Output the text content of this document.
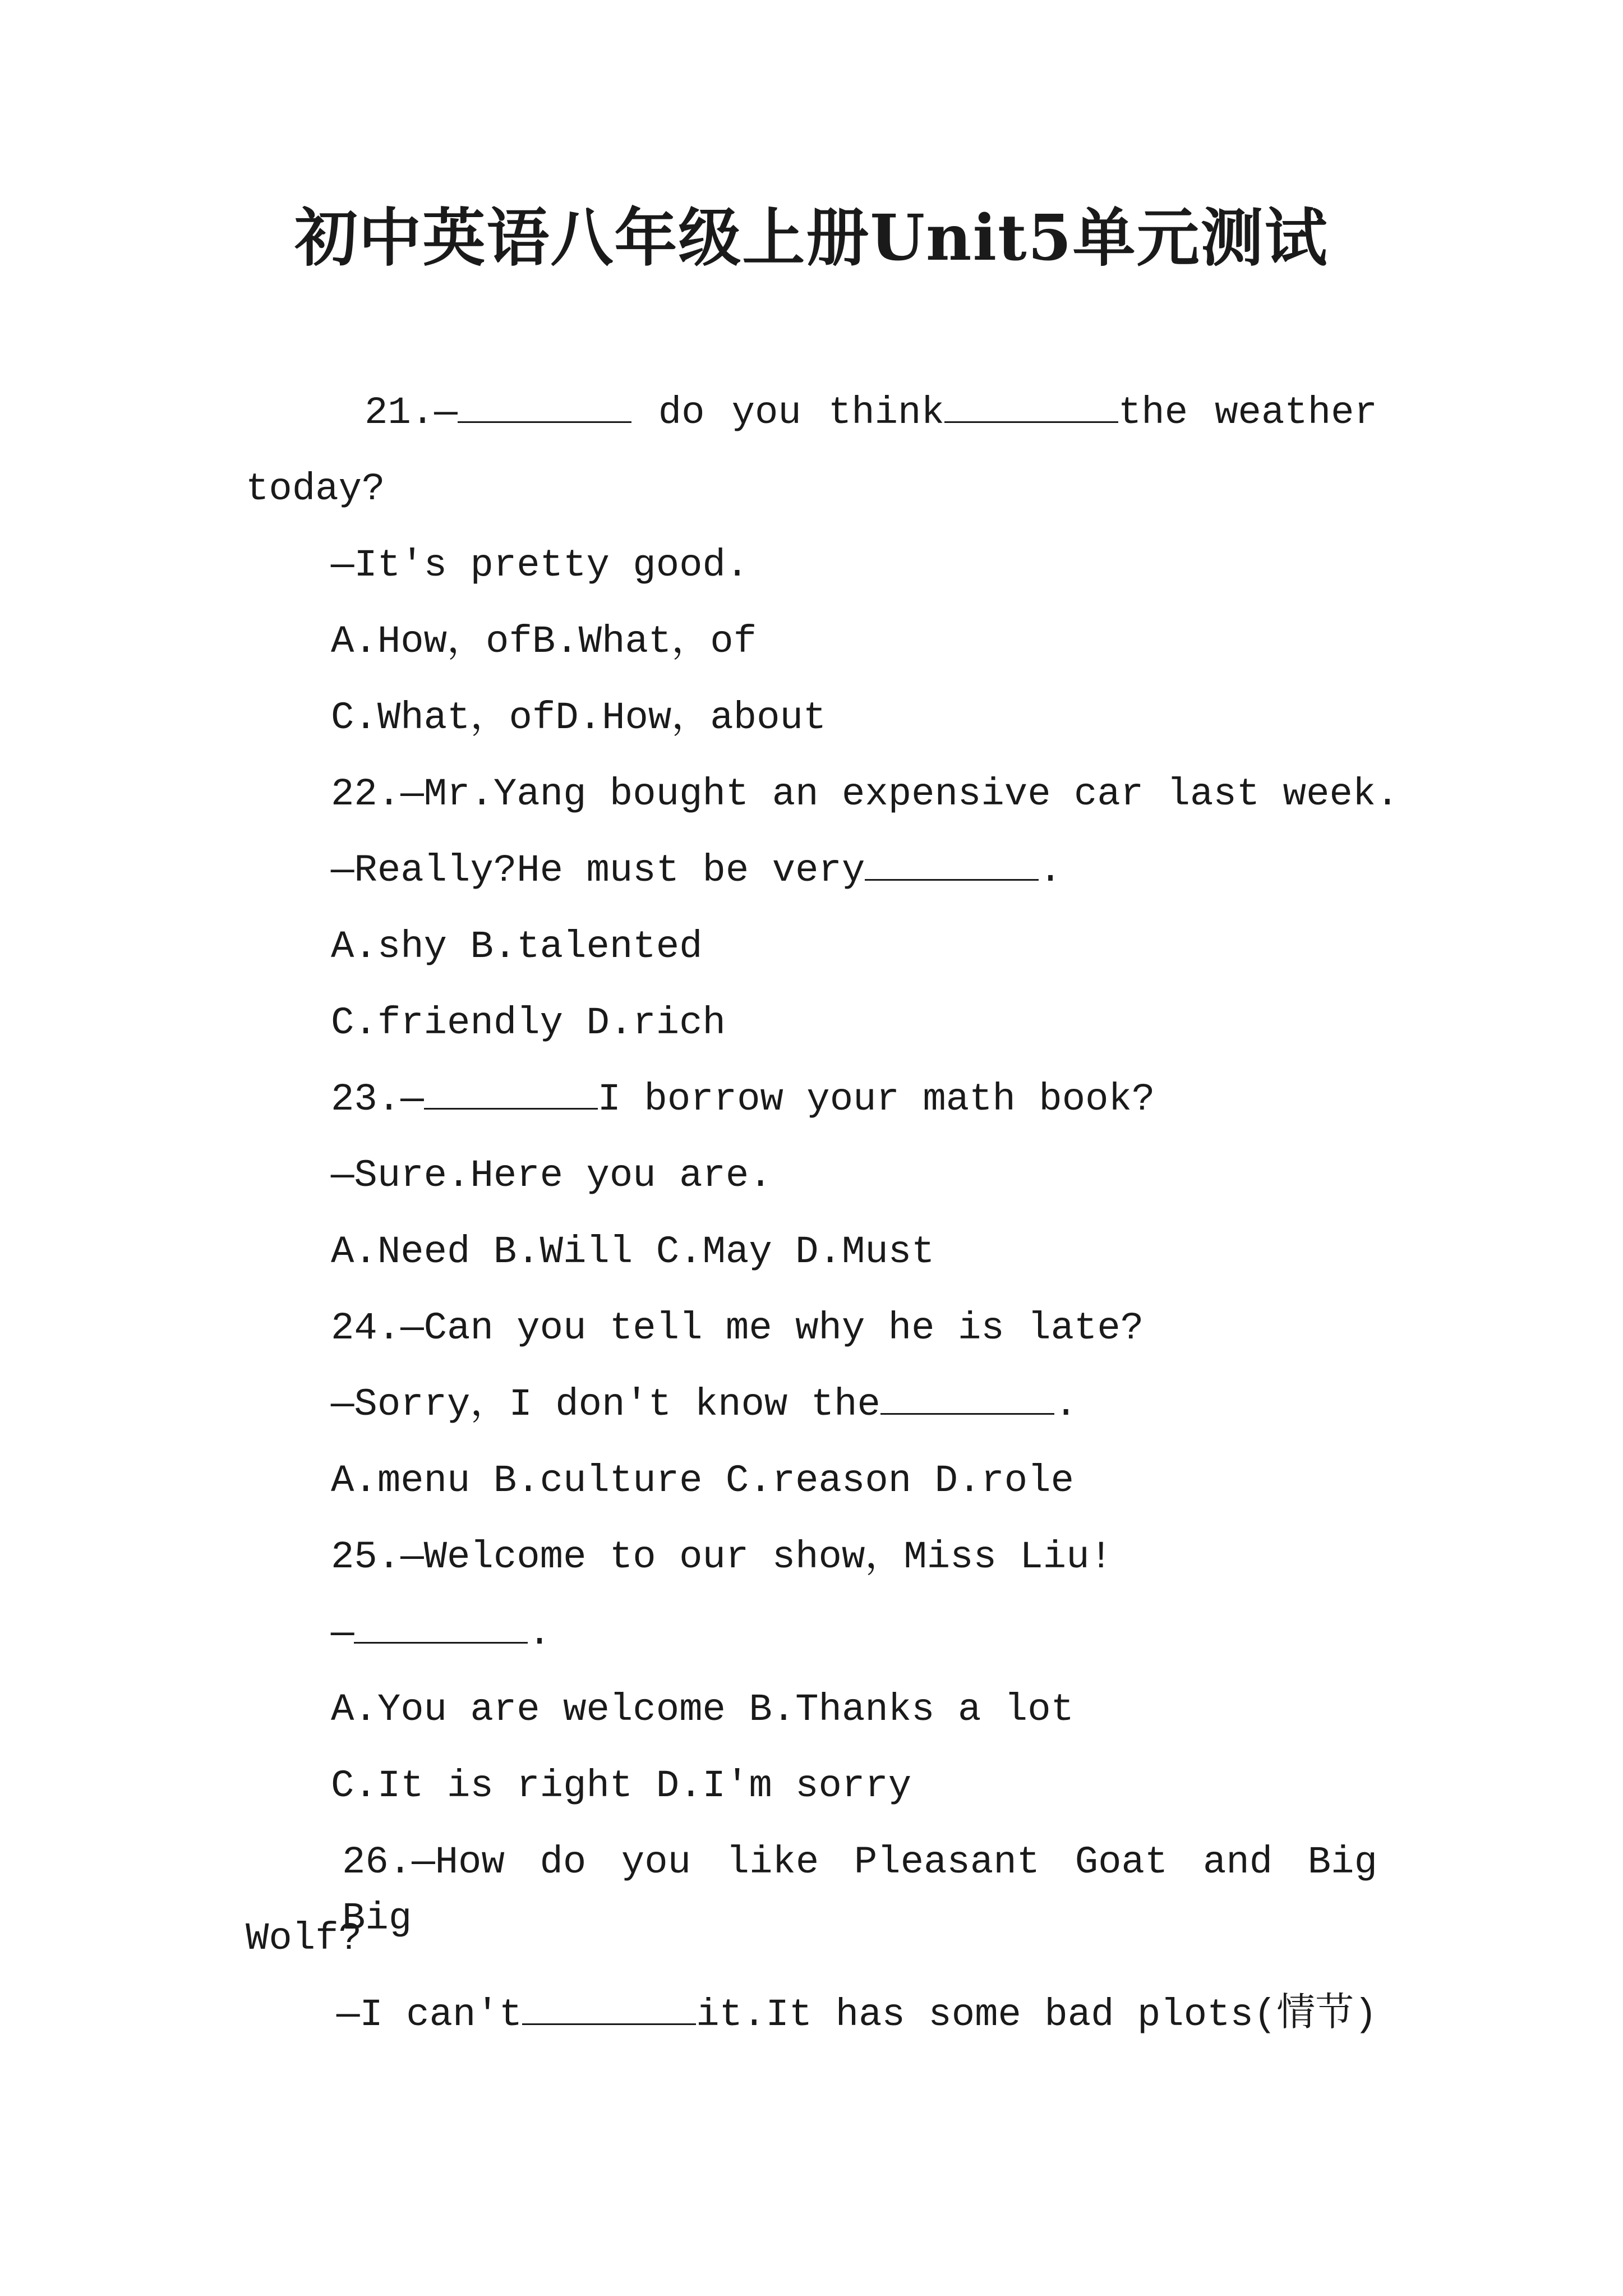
初中英语八年级上册Unit5单元测试
21.—	do you think	the weather
today?
—It's pretty good.
A.How，ofB.What，of
C.What，ofD.How，about
22.—Mr.Yang bought an expensive car last week.
—Really?He must be very	.
A.shy B.talented
C.friendly D.rich
23.—	I borrow your math book?
—Sure.Here you are.
A.Need B.Will C.May D.Must
24.—Can you tell me why he is late?
—Sorry，I don't know the	.
A.menu B.culture C.reason D.role
25.—Welcome to our show，Miss Liu!
—	.
A.You are welcome B.Thanks a lot
C.It is right D.I'm sorry
26.—How do you like Pleasant Goat and Big Big
Wolf?
—I can't	it.It has some bad plots(情节)
